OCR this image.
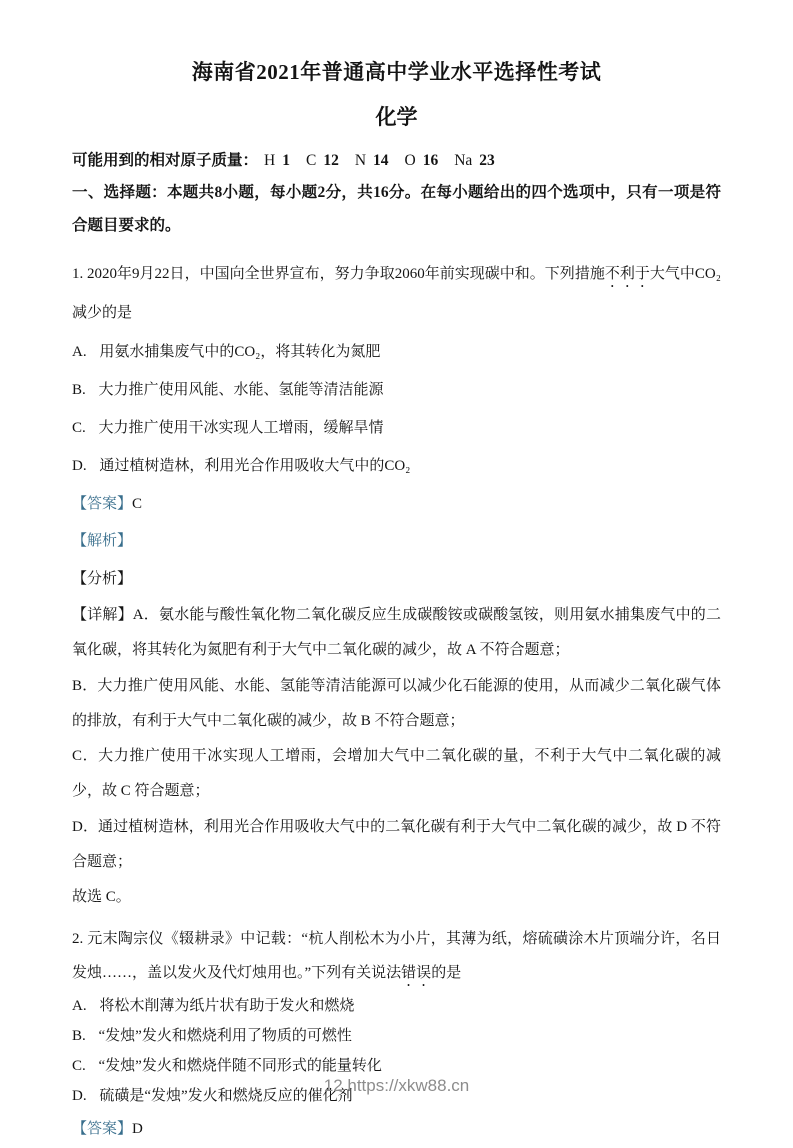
海南省2021年普通高中学业水平选择性考试
化学

可能用到的相对原子质量： H 1 C 12 N 14 O 16 Na 23

一、选择题：本题共8小题，每小题2分，共16分。在每小题给出的四个选项中，只有一项是符合题目要求的。

1. 2020年9月22日，中国向全世界宣布，努力争取2060年前实现碳中和。下列措施不利于大气中CO₂减少的是

A. 用氨水捕集废气中的CO₂，将其转化为氮肥
B. 大力推广使用风能、水能、氢能等清洁能源
C. 大力推广使用干冰实现人工增雨，缓解旱情
D. 通过植树造林，利用光合作用吸收大气中的CO₂

【答案】C

【解析】

【分析】

【详解】A．氨水能与酸性氧化物二氧化碳反应生成碳酸铵或碳酸氢铵，则用氨水捕集废气中的二氧化碳，将其转化为氮肥有利于大气中二氧化碳的减少，故 A 不符合题意；

B．大力推广使用风能、水能、氢能等清洁能源可以减少化石能源的使用，从而减少二氧化碳气体的排放，有利于大气中二氧化碳的减少，故 B 不符合题意；

C．大力推广使用干冰实现人工增雨，会增加大气中二氧化碳的量，不利于大气中二氧化碳的减少，故 C 符合题意；

D．通过植树造林，利用光合作用吸收大气中的二氧化碳有利于大气中二氧化碳的减少，故 D 不符合题意；

故选 C。

2. 元末陶宗仪《辍耕录》中记载：“杭人削松木为小片，其薄为纸，熔硫磺涂木片顶端分许，名日发烛……，盖以发火及代灯烛用也。”下列有关说法错误的是

A. 将松木削薄为纸片状有助于发火和燃烧
B. “发烛”发火和燃烧利用了物质的可燃性
C. “发烛”发火和燃烧伴随不同形式的能量转化
D. 硫磺是“发烛”发火和燃烧反应的催化剂

【答案】D

12 https://xkw88.cn
